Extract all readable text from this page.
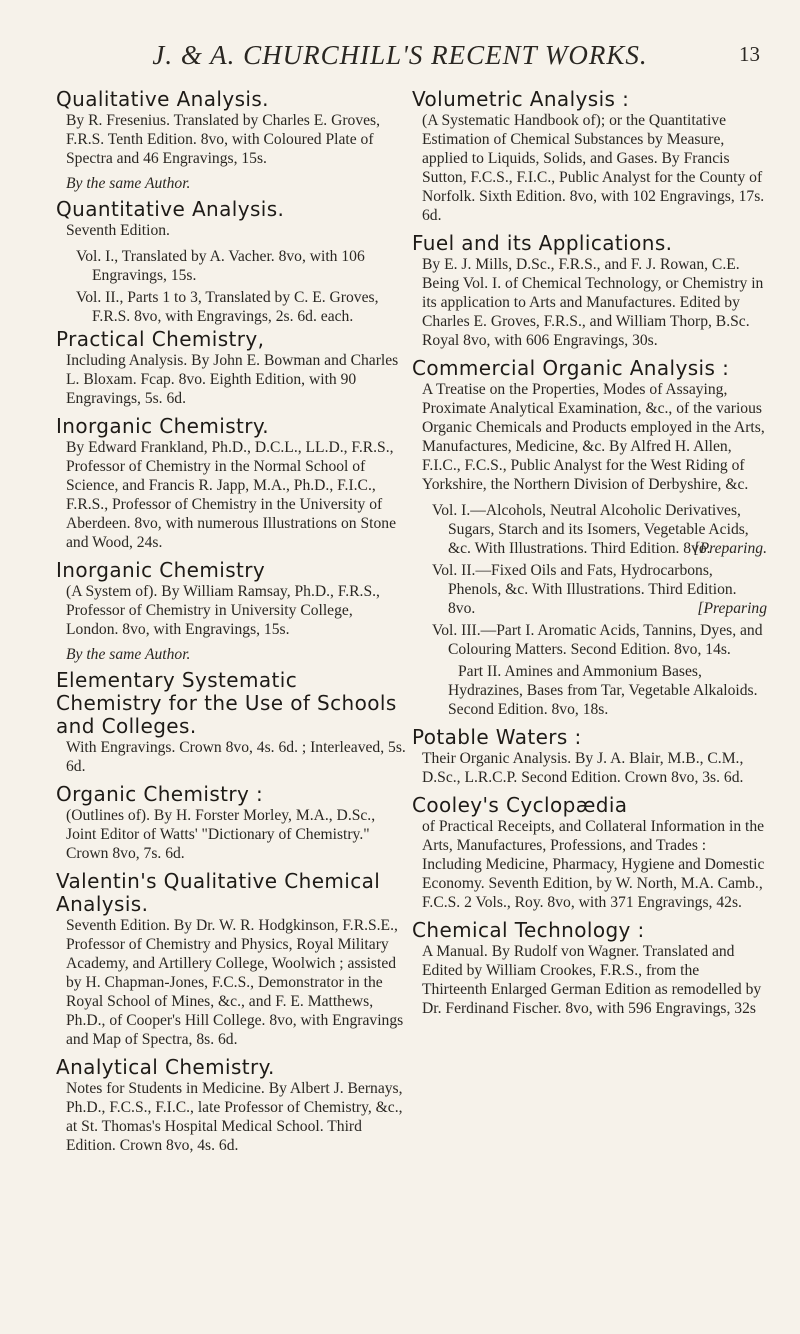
J. & A. CHURCHILL'S RECENT WORKS.	13
Qualitative Analysis.
By R. Fresenius. Translated by Charles E. Groves, F.R.S. Tenth Edition. 8vo, with Coloured Plate of Spectra and 46 Engravings, 15s.
By the same Author.
Quantitative Analysis.
Seventh Edition.
Vol. I., Translated by A. Vacher. 8vo, with 106 Engravings, 15s.
Vol. II., Parts 1 to 3, Translated by C. E. Groves, F.R.S. 8vo, with Engravings, 2s. 6d. each.
Practical Chemistry,
Including Analysis. By John E. Bowman and Charles L. Bloxam. Fcap. 8vo. Eighth Edition, with 90 Engravings, 5s. 6d.
Inorganic Chemistry.
By Edward Frankland, Ph.D., D.C.L., LL.D., F.R.S., Professor of Chemistry in the Normal School of Science, and Francis R. Japp, M.A., Ph.D., F.I.C., F.R.S., Professor of Chemistry in the University of Aberdeen. 8vo, with numerous Illustrations on Stone and Wood, 24s.
Inorganic Chemistry
(A System of). By William Ramsay, Ph.D., F.R.S., Professor of Chemistry in University College, London. 8vo, with Engravings, 15s.
By the same Author.
Elementary Systematic Chemistry for the Use of Schools and Colleges.
With Engravings. Crown 8vo, 4s. 6d. ; Interleaved, 5s. 6d.
Organic Chemistry :
(Outlines of). By H. Forster Morley, M.A., D.Sc., Joint Editor of Watts' "Dictionary of Chemistry." Crown 8vo, 7s. 6d.
Valentin's Qualitative Chemical Analysis.
Seventh Edition. By Dr. W. R. Hodgkinson, F.R.S.E., Professor of Chemistry and Physics, Royal Military Academy, and Artillery College, Woolwich ; assisted by H. Chapman-Jones, F.C.S., Demonstrator in the Royal School of Mines, &c., and F. E. Matthews, Ph.D., of Cooper's Hill College. 8vo, with Engravings and Map of Spectra, 8s. 6d.
Analytical Chemistry.
Notes for Students in Medicine. By Albert J. Bernays, Ph.D., F.C.S., F.I.C., late Professor of Chemistry, &c., at St. Thomas's Hospital Medical School. Third Edition. Crown 8vo, 4s. 6d.
Volumetric Analysis :
(A Systematic Handbook of); or the Quantitative Estimation of Chemical Substances by Measure, applied to Liquids, Solids, and Gases. By Francis Sutton, F.C.S., F.I.C., Public Analyst for the County of Norfolk. Sixth Edition. 8vo, with 102 Engravings, 17s. 6d.
Fuel and its Applications.
By E. J. Mills, D.Sc., F.R.S., and F. J. Rowan, C.E. Being Vol. I. of Chemical Technology, or Chemistry in its application to Arts and Manufactures. Edited by Charles E. Groves, F.R.S., and William Thorp, B.Sc. Royal 8vo, with 606 Engravings, 30s.
Commercial Organic Analysis :
A Treatise on the Properties, Modes of Assaying, Proximate Analytical Examination, &c., of the various Organic Chemicals and Products employed in the Arts, Manufactures, Medicine, &c. By Alfred H. Allen, F.I.C., F.C.S., Public Analyst for the West Riding of Yorkshire, the Northern Division of Derbyshire, &c.
Vol. I.—Alcohols, Neutral Alcoholic Derivatives, Sugars, Starch and its Isomers, Vegetable Acids, &c. With Illustrations. Third Edition. 8vo.
[Preparing.
Vol. II.—Fixed Oils and Fats, Hydrocarbons, Phenols, &c. With Illustrations. Third Edition. 8vo.	[Preparing
Vol. III.—Part I. Aromatic Acids, Tannins, Dyes, and Colouring Matters. Second Edition. 8vo, 14s.
Part II. Amines and Ammonium Bases, Hydrazines, Bases from Tar, Vegetable Alkaloids. Second Edition. 8vo, 18s.
Potable Waters :
Their Organic Analysis. By J. A. Blair, M.B., C.M., D.Sc., L.R.C.P. Second Edition. Crown 8vo, 3s. 6d.
Cooley's Cyclopædia
of Practical Receipts, and Collateral Information in the Arts, Manufactures, Professions, and Trades : Including Medicine, Pharmacy, Hygiene and Domestic Economy. Seventh Edition, by W. North, M.A. Camb., F.C.S. 2 Vols., Roy. 8vo, with 371 Engravings, 42s.
Chemical Technology :
A Manual. By Rudolf von Wagner. Translated and Edited by William Crookes, F.R.S., from the Thirteenth Enlarged German Edition as remodelled by Dr. Ferdinand Fischer. 8vo, with 596 Engravings, 32s
